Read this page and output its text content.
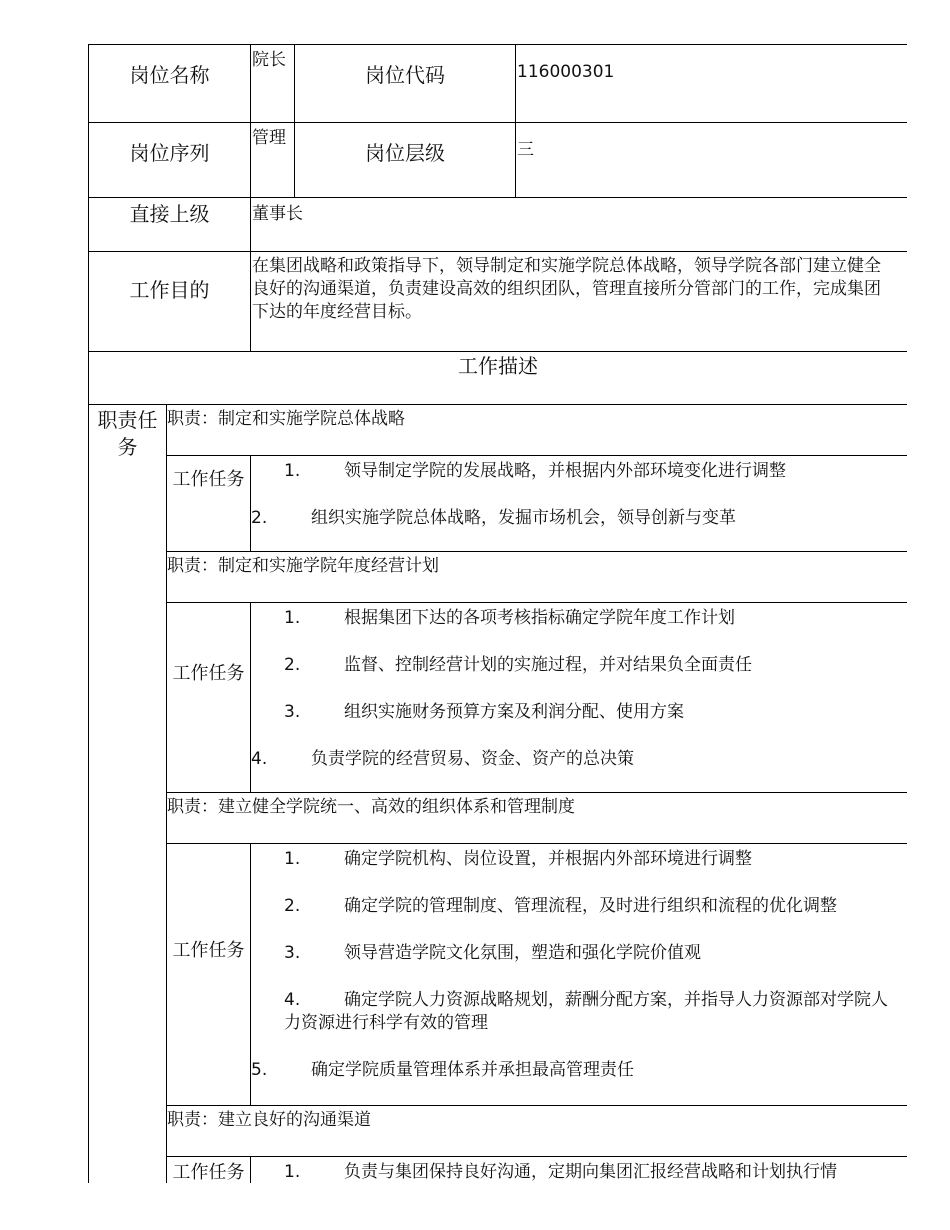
岗位名称		院长	岗位代码	116000301
岗位序列		管理	岗位层级	三
直接上级		董事长		
工作目的		在集团战略和政策指导下，领导制定和实施学院总体战略，领导学院各部门建立健全良好的沟通渠道，负责建设高效的组织团队，管理直接所分管部门的工作，完成集团下达的年度经营目标。		
工作描述				
职责任务	职责：制定和实施学院总体战略			
	工作任务	1. 领导制定学院的发展战略，并根据内外部环境变化进行调整
2. 组织实施学院总体战略，发掘市场机会，领导创新与变革		

	职责：制定和实施学院年度经营计划			
	工作任务	1. 根据集团下达的各项考核指标确定学院年度工作计划
2. 监督、控制经营计划的实施过程，并对结果负全面责任
3. 组织实施财务预算方案及利润分配、使用方案
4. 负责学院的经营贸易、资金、资产的总决策		

	职责：建立健全学院统一、高效的组织体系和管理制度			
	工作任务	1. 确定学院机构、岗位设置，并根据内外部环境进行调整
2. 确定学院的管理制度、管理流程，及时进行组织和流程的优化调整
3. 领导营造学院文化氛围，塑造和强化学院价值观
4. 确定学院人力资源战略规划，薪酬分配方案，并指导人力资源部对学院人力资源进行科学有效的管理
5. 确定学院质量管理体系并承担最高管理责任		

	职责：建立良好的沟通渠道			
	工作任务	1. 负责与集团保持良好沟通，定期向集团汇报经营战略和计划执行情		
